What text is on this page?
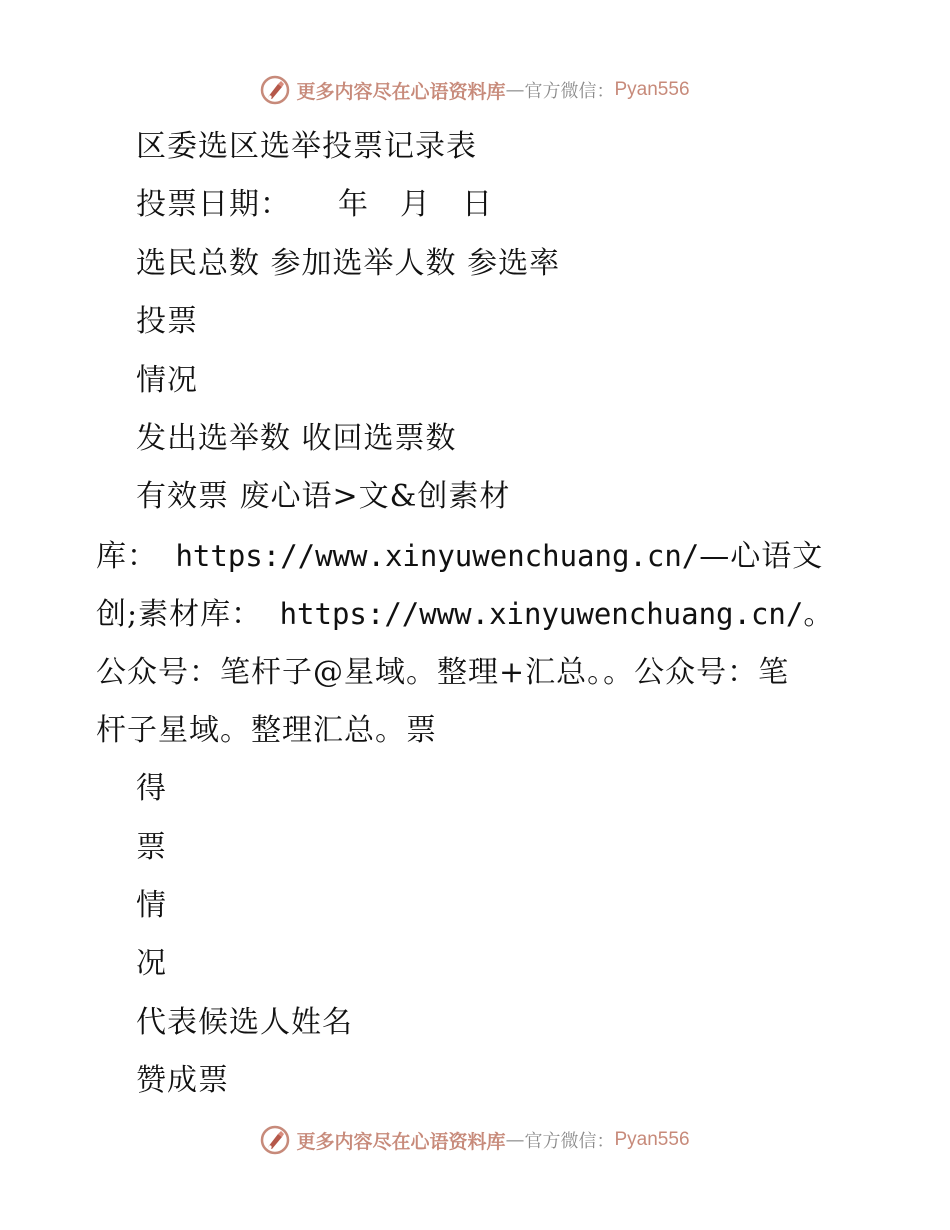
更多内容尽在心语资料库 — 官方微信： Pyan556
区委选区选举投票记录表
投票日期：　　年　月　日
选民总数 参加选举人数 参选率
投票
情况
发出选举数 收回选票数
有效票 废心语>文&创素材
库： https://www.xinyuwenchuang.cn/—心语文
创;素材库： https://www.xinyuwenchuang.cn/。
公众号：笔杆子@星域。整理+汇总。。公众号：笔
杆子星域。整理汇总。票
得
票
情
况
代表候选人姓名
赞成票
更多内容尽在心语资料库 — 官方微信： Pyan556
